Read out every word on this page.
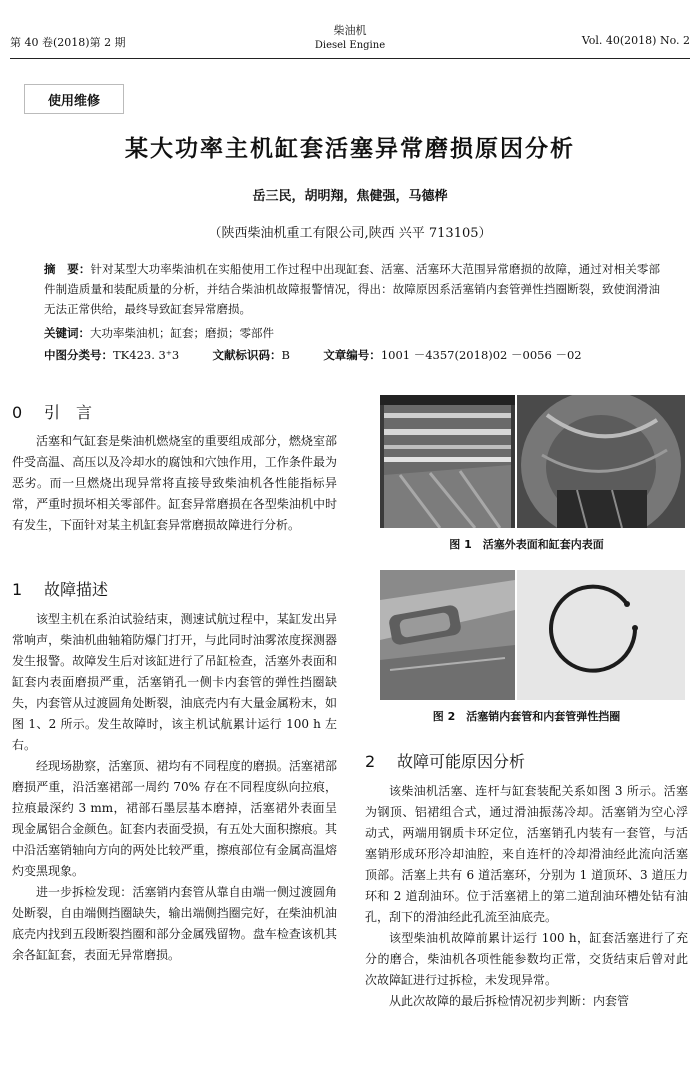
第 40 卷(2018)第 2 期
柴油机
Diesel Engine	Vol. 40(2018) No. 2
使用维修
某大功率主机缸套活塞异常磨损原因分析
岳三民，胡明翔，焦健强，马德桦
（陕西柴油机重工有限公司,陕西 兴平 713105）
摘　要：针对某型大功率柴油机在实船使用工作过程中出现缸套、活塞、活塞环大范围异常磨损的故障，通过对相关零部件制造质量和装配质量的分析，并结合柴油机故障报警情况，得出：故障原因系活塞销内套管弹性挡圈断裂，致使润滑油无法正常供给，最终导致缸套异常磨损。
关键词：大功率柴油机；缸套；磨损；零部件
中图分类号：TK423. 3⁺3	文献标识码：B	文章编号：1001 －4357(2018)02 －0056 －02
0 引　言

活塞和气缸套是柴油机燃烧室的重要组成部分，燃烧室部件受高温、高压以及冷却水的腐蚀和穴蚀作用，工作条件最为恶劣。而一旦燃烧出现异常将直接导致柴油机各性能指标异常，严重时损坏相关零部件。缸套异常磨损在各型柴油机中时有发生，下面针对某主机缸套异常磨损故障进行分析。

1 故障描述

该型主机在系泊试验结束，测速试航过程中，某缸发出异常响声，柴油机曲轴箱防爆门打开，与此同时油雾浓度探测器发生报警。故障发生后对该缸进行了吊缸检查，活塞外表面和缸套内表面磨损严重，活塞销孔一侧卡内套管的弹性挡圈缺失，内套管从过渡圆角处断裂，油底壳内有大量金属粉末，如图 1、2 所示。发生故障时，该主机试航累计运行 100 h 左右。

经现场勘察，活塞顶、裙均有不同程度的磨损。活塞裙部磨损严重，沿活塞裙部一周约 70% 存在不同程度纵向拉痕，拉痕最深约 3 mm，裙部石墨层基本磨掉，活塞裙外表面呈现金属铝合金颜色。缸套内表面受损，有五处大面积擦痕。其中沿活塞销轴向方向的两处比较严重，擦痕部位有金属高温熔灼变黑现象。

进一步拆检发现：活塞销内套管从靠自由端一侧过渡圆角处断裂，自由端侧挡圈缺失，输出端侧挡圈完好，在柴油机油底壳内找到五段断裂挡圈和部分金属残留物。盘车检查该机其余各缸缸套，表面无异常磨损。

图 1　活塞外表面和缸套内表面
图 2　活塞销内套管和内套管弹性挡圈
2 故障可能原因分析

该柴油机活塞、连杆与缸套装配关系如图 3 所示。活塞为钢顶、铝裙组合式，通过滑油振荡冷却。活塞销为空心浮动式，两端用钢质卡环定位，活塞销孔内装有一套管，与活塞销形成环形冷却油腔，来自连杆的冷却滑油经此流向活塞顶部。活塞上共有 6 道活塞环，分别为 1 道顶环、3 道压力环和 2 道刮油环。位于活塞裙上的第二道刮油环槽处钻有油孔，刮下的滑油经此孔流至油底壳。

该型柴油机故障前累计运行 100 h，缸套活塞进行了充分的磨合，柴油机各项性能参数均正常，交货结束后曾对此次故障缸进行过拆检，未发现异常。

从此次故障的最后拆检情况初步判断：内套管
